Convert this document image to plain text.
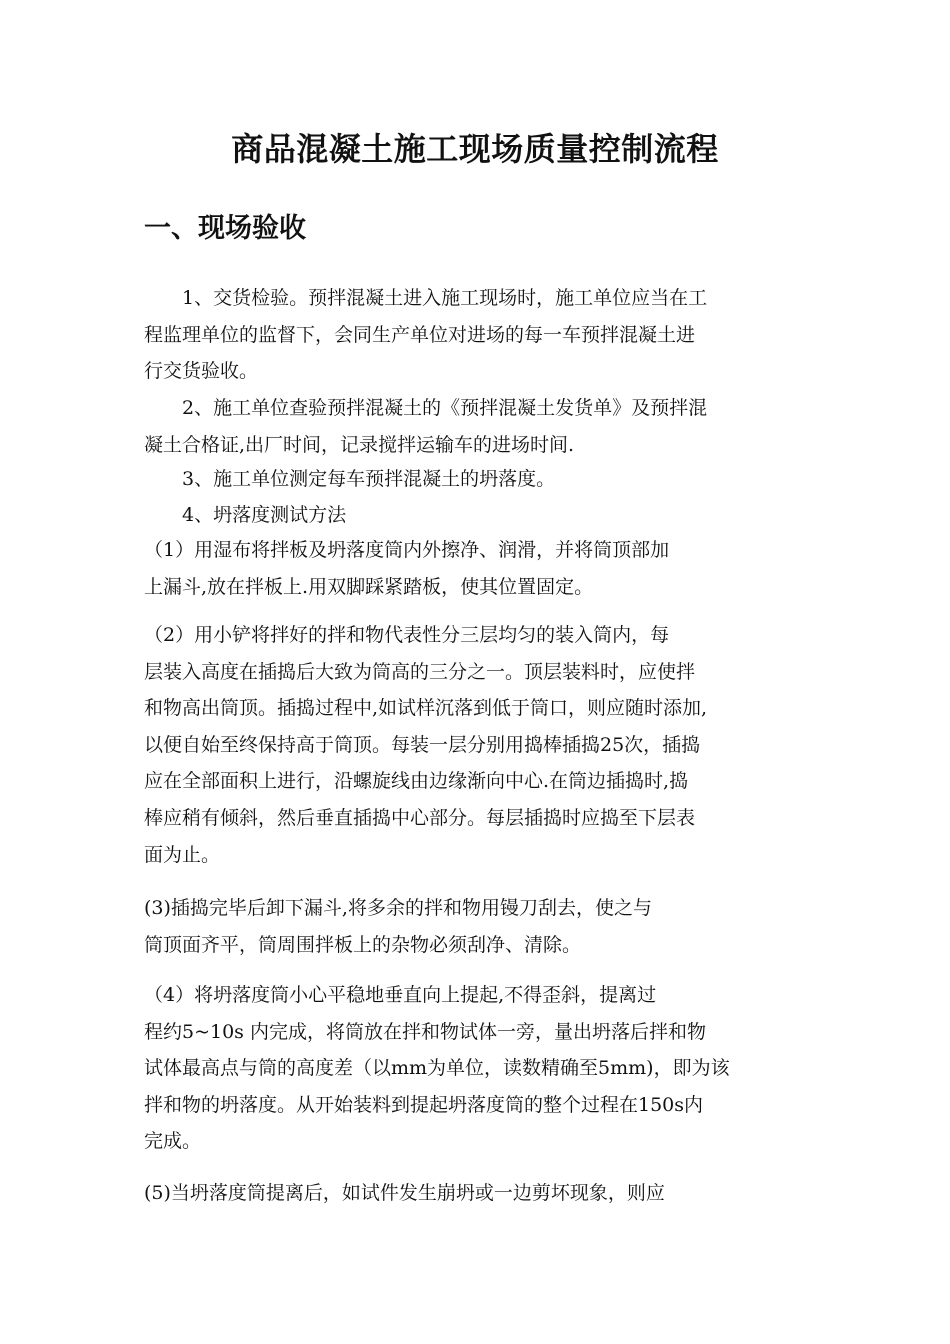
商品混凝土施工现场质量控制流程
一、现场验收

　　1、交货检验。预拌混凝土进入施工现场时，施工单位应当在工
程监理单位的监督下，会同生产单位对进场的每一车预拌混凝土进
行交货验收。

　　2、施工单位查验预拌混凝土的《预拌混凝土发货单》及预拌混
凝土合格证,出厂时间，记录搅拌运输车的进场时间.

　　3、施工单位测定每车预拌混凝土的坍落度。

　　4、坍落度测试方法

（1）用湿布将拌板及坍落度筒内外擦净、润滑，并将筒顶部加
上漏斗,放在拌板上.用双脚踩紧踏板，使其位置固定。

（2）用小铲将拌好的拌和物代表性分三层均匀的装入筒内，每
层装入高度在插捣后大致为筒高的三分之一。顶层装料时，应使拌
和物高出筒顶。插捣过程中,如试样沉落到低于筒口，则应随时添加,
以便自始至终保持高于筒顶。每装一层分别用捣棒插捣25次，插捣
应在全部面积上进行，沿螺旋线由边缘渐向中心.在筒边插捣时,捣
棒应稍有倾斜，然后垂直插捣中心部分。每层插捣时应捣至下层表
面为止。

(3)插捣完毕后卸下漏斗,将多余的拌和物用镘刀刮去，使之与
筒顶面齐平，筒周围拌板上的杂物必须刮净、清除。

（4）将坍落度筒小心平稳地垂直向上提起,不得歪斜，提离过
程约5~10s 内完成，将筒放在拌和物试体一旁，量出坍落后拌和物
试体最高点与筒的高度差（以mm为单位，读数精确至5mm)，即为该
拌和物的坍落度。从开始装料到提起坍落度筒的整个过程在150s内
完成。

(5)当坍落度筒提离后，如试件发生崩坍或一边剪坏现象，则应
